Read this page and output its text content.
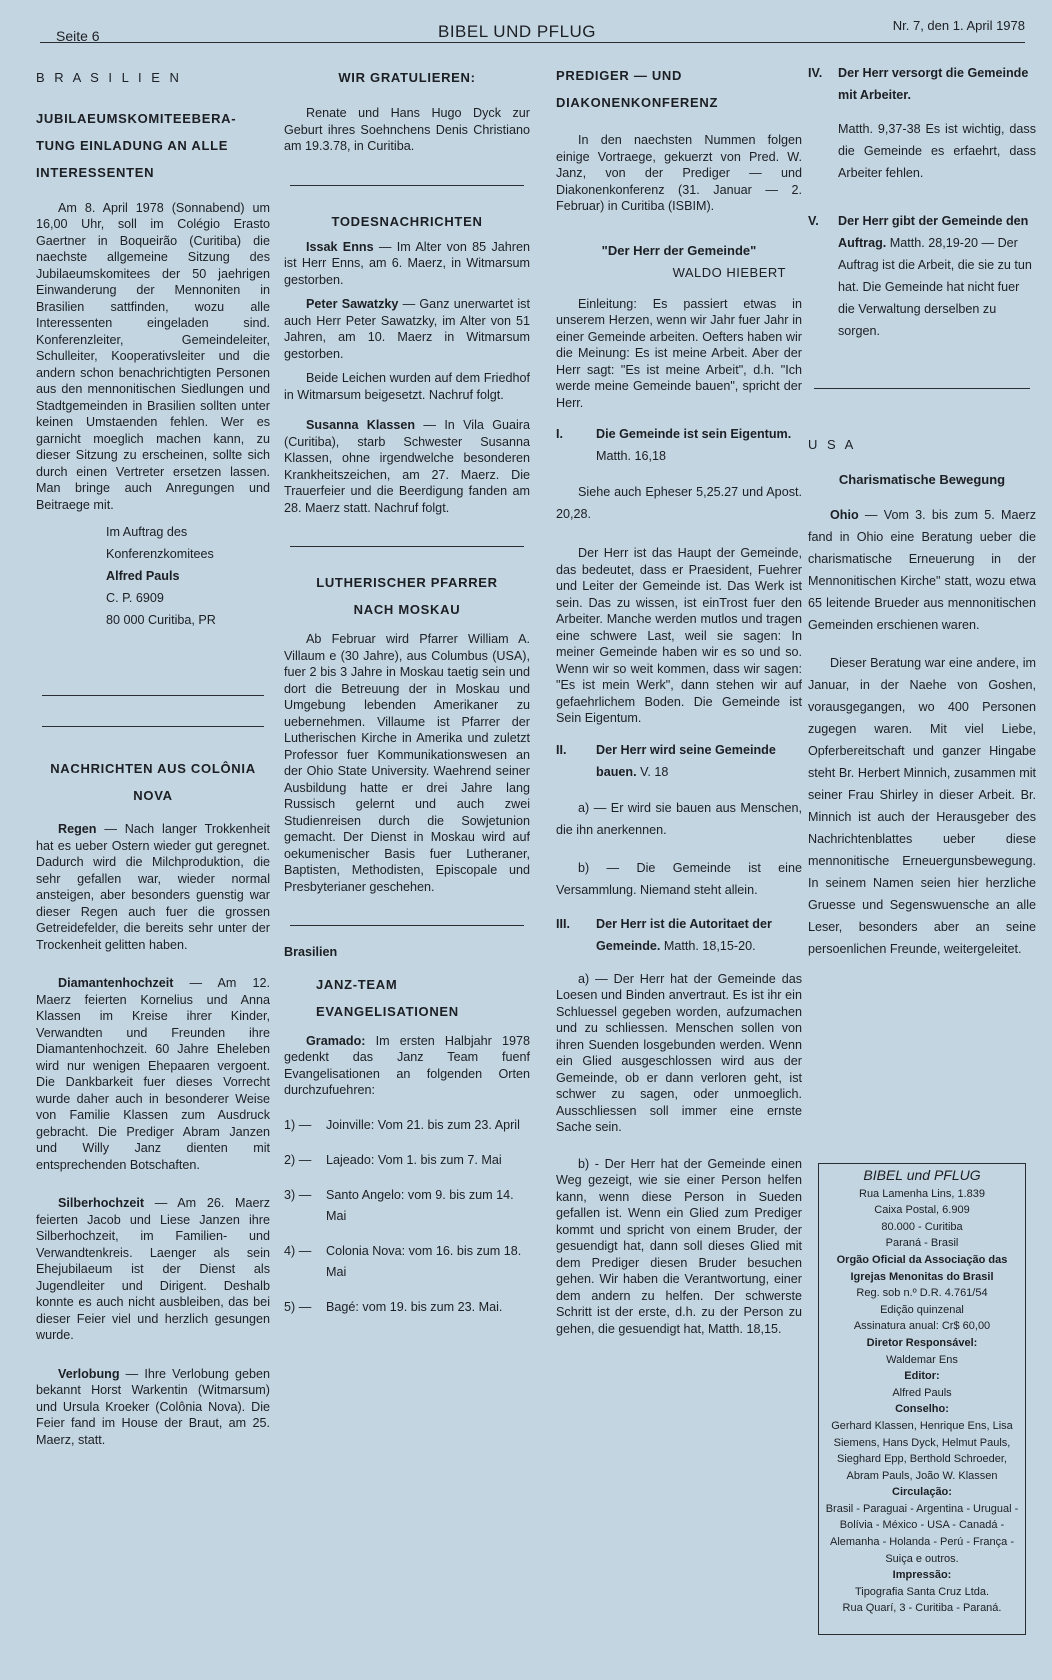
Seite 6	BIBEL UND PFLUG	Nr. 7, den 1. April 1978
B R A S I L I E N
JUBILAEUMSKOMITEEBERA-TUNG EINLADUNG AN ALLE INTERESSENTEN

Am 8. April 1978 (Sonnabend) um 16,00 Uhr, soll im Colégio Erasto Gaertner in Boqueirão (Curitiba) die naechste allgemeine Sitzung des Jubilaeumskomitees der 50 jaehrigen Einwanderung der Mennoniten in Brasilien sattfinden, wozu alle Interessenten eingeladen sind. Konferenzleiter, Gemeindeleiter, Schulleiter, Kooperativsleiter und die andern schon benachrichtigten Personen aus den mennonitischen Siedlungen und Stadtgemeinden in Brasilien sollten unter keinen Umstaenden fehlen. Wer es garnicht moeglich machen kann, zu dieser Sitzung zu erscheinen, sollte sich durch einen Vertreter ersetzen lassen. Man bringe auch Anregungen und Beitraege mit.

Im Auftrag des
Konferenzkomitees
Alfred Pauls
C. P. 6909
80 000 Curitiba, PR
NACHRICHTEN AUS COLÔNIA NOVA

Regen — Nach langer Trokkenheit hat es ueber Ostern wieder gut geregnet. Dadurch wird die Milchproduktion, die sehr gefallen war, wieder normal ansteigen, aber besonders guenstig war dieser Regen auch fuer die grossen Getreidefelder, die bereits sehr unter der Trockenheit gelitten haben.

Diamantenhochzeit — Am 12. Maerz feierten Kornelius und Anna Klassen im Kreise ihrer Kinder, Verwandten und Freunden ihre Diamantenhochzeit. 60 Jahre Eheleben wird nur wenigen Ehepaaren vergoent. Die Dankbarkeit fuer dieses Vorrecht wurde daher auch in besonderer Weise von Familie Klassen zum Ausdruck gebracht. Die Prediger Abram Janzen und Willy Janz dienten mit entsprechenden Botschaften.

Silberhochzeit — Am 26. Maerz feierten Jacob und Liese Janzen ihre Silberhochzeit, im Familien- und Verwandtenkreis. Laenger als sein Ehejubilaeum ist der Dienst als Jugendleiter und Dirigent. Deshalb konnte es auch nicht ausbleiben, das bei dieser Feier viel und herzlich gesungen wurde.

Verlobung — Ihre Verlobung geben bekannt Horst Warkentin (Witmarsum) und Ursula Kroeker (Colônia Nova). Die Feier fand im House der Braut, am 25. Maerz, statt.

WIR GRATULIEREN:

Renate und Hans Hugo Dyck zur Geburt ihres Soehnchens Denis Christiano am 19.3.78, in Curitiba.

TODESNACHRICHTEN

Issak Enns — Im Alter von 85 Jahren ist Herr Enns, am 6. Maerz, in Witmarsum gestorben.

Peter Sawatzky — Ganz unerwartet ist auch Herr Peter Sawatzky, im Alter von 51 Jahren, am 10. Maerz in Witmarsum gestorben.

Beide Leichen wurden auf dem Friedhof in Witmarsum beigesetzt. Nachruf folgt.

Susanna Klassen — In Vila Guaira (Curitiba), starb Schwester Susanna Klassen, ohne irgendwelche besonderen Krankheitszeichen, am 27. Maerz. Die Trauerfeier und die Beerdigung fanden am 28. Maerz statt. Nachruf folgt.

LUTHERISCHER PFARRER NACH MOSKAU

Ab Februar wird Pfarrer William A. Villaum e (30 Jahre), aus Columbus (USA), fuer 2 bis 3 Jahre in Moskau taetig sein und dort die Betreuung der in Moskau und Umgebung lebenden Amerikaner zu uebernehmen. Villaume ist Pfarrer der Lutherischen Kirche in Amerika und zuletzt Professor fuer Kommunikationswesen an der Ohio State University. Waehrend seiner Ausbildung hatte er drei Jahre lang Russisch gelernt und auch zwei Studienreisen durch die Sowjetunion gemacht. Der Dienst in Moskau wird auf oekumenischer Basis fuer Lutheraner, Baptisten, Methodisten, Episcopale und Presbyterianer geschehen.

Brasilien
JANZ-TEAM EVANGELISATIONEN

Gramado: Im ersten Halbjahr 1978 gedenkt das Janz Team fuenf Evangelisationen an folgenden Orten durchzufuehren:

1) —	Joinville: Vom 21. bis zum 23. April
2) —	Lajeado: Vom 1. bis zum 7. Mai
3) —	Santo Angelo: vom 9. bis zum 14. Mai
4) —	Colonia Nova: vom 16. bis zum 18. Mai
5) —	Bagé: vom 19. bis zum 23. Mai.
PREDIGER — UND DIAKONENKONFERENZ

In den naechsten Nummen folgen einige Vortraege, gekuerzt von Pred. W. Janz, von der Prediger — und Diakonenkonferenz (31. Januar — 2. Februar) in Curitiba (ISBIM).

"Der Herr der Gemeinde"
WALDO HIEBERT

Einleitung: Es passiert etwas in unserem Herzen, wenn wir Jahr fuer Jahr in einer Gemeinde arbeiten. Oefters haben wir die Meinung: Es ist meine Arbeit. Aber der Herr sagt: "Es ist meine Arbeit", d.h. "Ich werde meine Gemeinde bauen", spricht der Herr.

I.	Die Gemeinde ist sein Eigentum. Matth. 16,18

Siehe auch Epheser 5,25.27 und Apost. 20,28.

Der Herr ist das Haupt der Gemeinde, das bedeutet, dass er Praesident, Fuehrer und Leiter der Gemeinde ist. Das Werk ist sein. Das zu wissen, ist einTrost fuer den Arbeiter. Manche werden mutlos und tragen eine schwere Last, weil sie sagen: In meiner Gemeinde haben wir es so und so. Wenn wir so weit kommen, dass wir sagen: "Es ist mein Werk", dann stehen wir auf gefaehrlichem Boden. Die Gemeinde ist Sein Eigentum.

II.	Der Herr wird seine Gemeinde bauen. V. 18

a) — Er wird sie bauen aus Menschen, die ihn anerkennen.

b) — Die Gemeinde ist eine Versammlung. Niemand steht allein.

III.	Der Herr ist die Autoritaet der Gemeinde. Matth. 18,15-20.

a) — Der Herr hat der Gemeinde das Loesen und Binden anvertraut. Es ist ihr ein Schluessel gegeben worden, aufzumachen und zu schliessen. Menschen sollen von ihren Suenden losgebunden werden. Wenn ein Glied ausgeschlossen wird aus der Gemeinde, ob er dann verloren geht, ist schwer zu sagen, oder unmoeglich. Ausschliessen soll immer eine ernste Sache sein.

b) - Der Herr hat der Gemeinde einen Weg gezeigt, wie sie einer Person helfen kann, wenn diese Person in Sueden gefallen ist. Wenn ein Glied zum Prediger kommt und spricht von einem Bruder, der gesuendigt hat, dann soll dieses Glied mit dem Prediger diesen Bruder besuchen gehen. Wir haben die Verantwortung, einer dem andern zu helfen. Der schwerste Schritt ist der erste, d.h. zu der Person zu gehen, die gesuendigt hat, Matth. 18,15.

IV.	Der Herr versorgt die Gemeinde mit Arbeiter.

Matth. 9,37-38 Es ist wichtig, dass die Gemeinde es erfaehrt, dass Arbeiter fehlen.

V.	Der Herr gibt der Gemeinde den Auftrag. Matth. 28,19-20 — Der Auftrag ist die Arbeit, die sie zu tun hat. Die Gemeinde hat nicht fuer die Verwaltung derselben zu sorgen.
U S A
Charismatische Bewegung

Ohio — Vom 3. bis zum 5. Maerz fand in Ohio eine Beratung ueber die charismatische Erneuerung in der Mennonitischen Kirche" statt, wozu etwa 65 leitende Brueder aus mennonitischen Gemeinden erschienen waren.

Dieser Beratung war eine andere, im Januar, in der Naehe von Goshen, vorausgegangen, wo 400 Personen zugegen waren. Mit viel Liebe, Opferbereitschaft und ganzer Hingabe steht Br. Herbert Minnich, zusammen mit seiner Frau Shirley in dieser Arbeit. Br. Minnich ist auch der Herausgeber des Nachrichtenblattes ueber diese mennonitische Erneuergunsbewegung. In seinem Namen seien hier herzliche Gruesse und Segenswuensche an alle Leser, besonders aber an seine persoenlichen Freunde, weitergeleitet.

BIBEL und PFLUG

Rua Lamenha Lins, 1.839

Caixa Postal, 6.909

80.000 - Curitiba

Paraná - Brasil

Orgão Oficial da Associação das Igrejas Menonitas do Brasil

Reg. sob n.º D.R. 4.761/54

Edição quinzenal

Assinatura anual: Cr$ 60,00

Diretor Responsável:

Waldemar Ens

Editor:

Alfred Pauls

Conselho:

Gerhard Klassen, Henrique Ens, Lisa Siemens, Hans Dyck, Helmut Pauls, Sieghard Epp, Berthold Schroeder, Abram Pauls, João W. Klassen

Circulação:

Brasil - Paraguai - Argentina - Urugual - Bolívia - México - USA - Canadá - Alemanha - Holanda - Perú - França - Suiça e outros.

Impressão:

Tipografia Santa Cruz Ltda.

Rua Quarí, 3 - Curitiba - Paraná.
